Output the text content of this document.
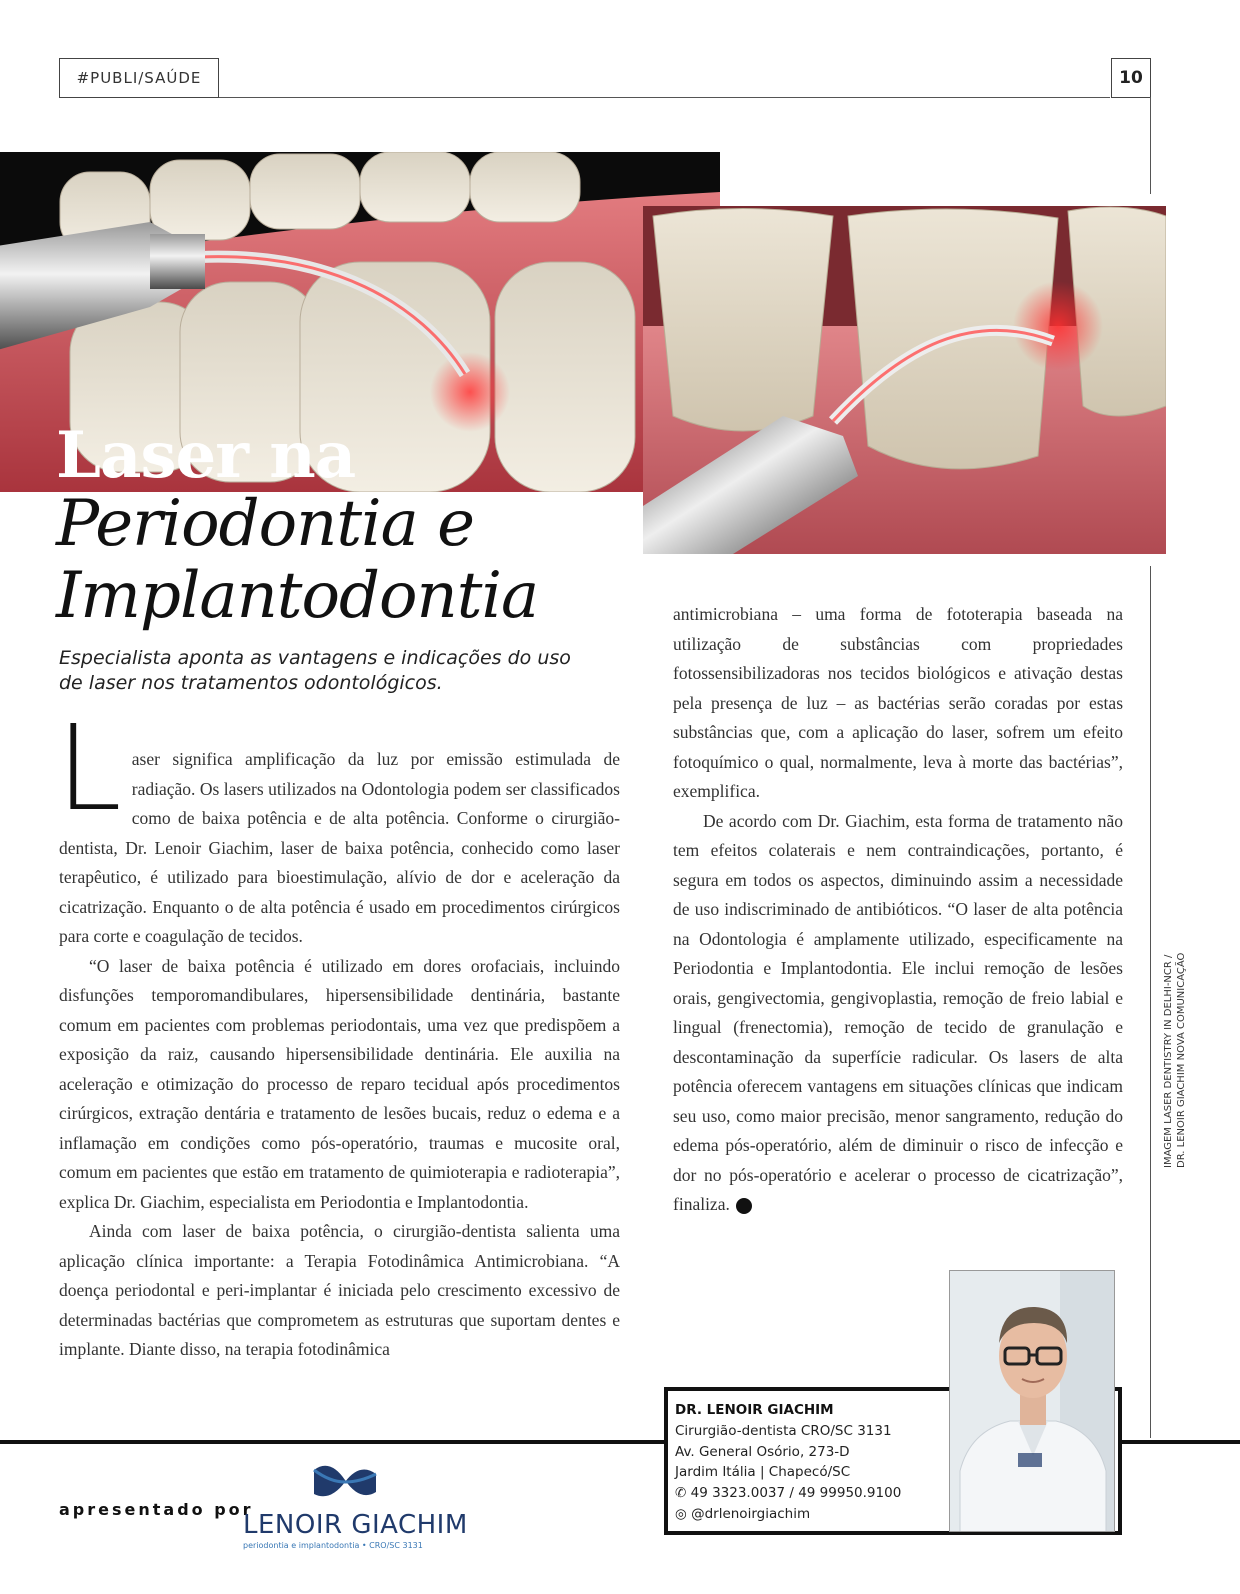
#PUBLI/SAÚDE	10
Laser na
Periodontia e
Implantodontia
Especialista aponta as vantagens e indicações do uso de laser nos tratamentos odontológicos.

Laser significa amplificação da luz por emissão estimulada de radiação. Os lasers utilizados na Odontologia podem ser classificados como de baixa potência e de alta potência. Conforme o cirurgião-dentista, Dr. Lenoir Giachim, laser de baixa potência, conhecido como laser terapêutico, é utilizado para bioestimulação, alívio de dor e aceleração da cicatrização. Enquanto o de alta potência é usado em procedimentos cirúrgicos para corte e coagulação de tecidos.

“O laser de baixa potência é utilizado em dores orofaciais, incluindo disfunções temporomandibulares, hipersensibilidade dentinária, bastante comum em pacientes com problemas periodontais, uma vez que predispõem a exposição da raiz, causando hipersensibilidade dentinária. Ele auxilia na aceleração e otimização do processo de reparo tecidual após procedimentos cirúrgicos, extração dentária e tratamento de lesões bucais, reduz o edema e a inflamação em condições como pós-operatório, traumas e mucosite oral, comum em pacientes que estão em tratamento de quimioterapia e radioterapia”, explica Dr. Giachim, especialista em Periodontia e Implantodontia.

Ainda com laser de baixa potência, o cirurgião-dentista salienta uma aplicação clínica importante: a Terapia Fotodinâmica Antimicrobiana. “A doença periodontal e peri-implantar é iniciada pelo crescimento excessivo de determinadas bactérias que comprometem as estruturas que suportam dentes e implante. Diante disso, na terapia fotodinâmica

antimicrobiana – uma forma de fototerapia baseada na utilização de substâncias com propriedades fotossensibilizadoras nos tecidos biológicos e ativação destas pela presença de luz – as bactérias serão coradas por estas substâncias que, com a aplicação do laser, sofrem um efeito fotoquímico o qual, normalmente, leva à morte das bactérias”, exemplifica.

De acordo com Dr. Giachim, esta forma de tratamento não tem efeitos colaterais e nem contraindicações, portanto, é segura em todos os aspectos, diminuindo assim a necessidade de uso indiscriminado de antibióticos. “O laser de alta potência na Odontologia é amplamente utilizado, especificamente na Periodontia e Implantodontia. Ele inclui remoção de lesões orais, gengivectomia, gengivoplastia, remoção de freio labial e lingual (frenectomia), remoção de tecido de granulação e descontaminação da superfície radicular. Os lasers de alta potência oferecem vantagens em situações clínicas que indicam seu uso, como maior precisão, menor sangramento, redução do edema pós-operatório, além de diminuir o risco de infecção e dor no pós-operatório e acelerar o processo de cicatrização”, finaliza.	◆

IMAGEM LASER DENTISTRY IN DELHI-NCR / DR. LENOIR GIACHIM NOVA COMUNICAÇÃO
apresentado por
LENOIR GIACHIM
periodontia e implantodontia • CRO/SC 3131
DR. LENOIR GIACHIM
Cirurgião-dentista CRO/SC 3131
Av. General Osório, 273-D
Jardim Itália | Chapecó/SC
✆ 49 3323.0037 / 49 99950.9100
◎ @drlenoirgiachim
